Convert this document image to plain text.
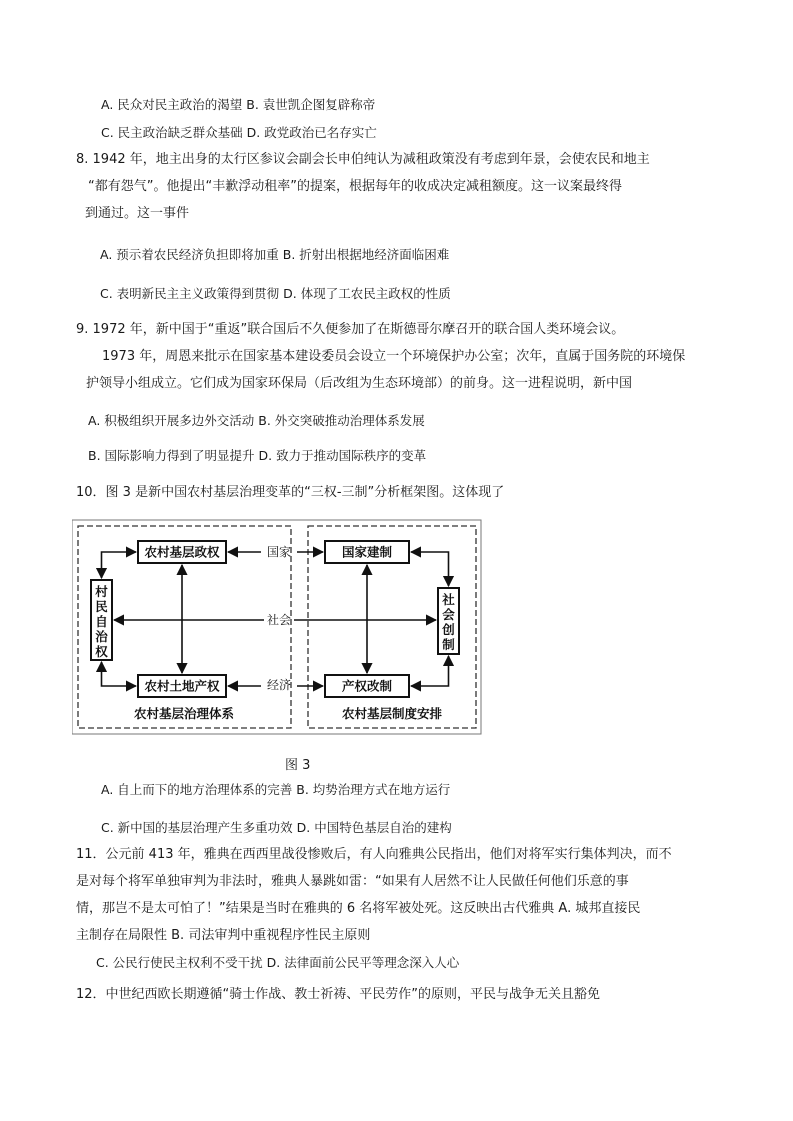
A. 民众对民主政治的渴望 B. 袁世凯企图复辟称帝
C. 民主政治缺乏群众基础 D. 政党政治已名存实亡
8. 1942 年，地主出身的太行区参议会副会长申伯纯认为减租政策没有考虑到年景，会使农民和地主
“都有怨气”。他提出“丰歉浮动租率”的提案，根据每年的收成决定减租额度。这一议案最终得
到通过。这一事件
A. 预示着农民经济负担即将加重 B. 折射出根据地经济面临困难
C. 表明新民主主义政策得到贯彻 D. 体现了工农民主政权的性质
9. 1972 年，新中国于“重返”联合国后不久便参加了在斯德哥尔摩召开的联合国人类环境会议。
1973 年，周恩来批示在国家基本建设委员会设立一个环境保护办公室；次年，直属于国务院的环境保
护领导小组成立。它们成为国家环保局（后改组为生态环境部）的前身。这一进程说明，新中国
A. 积极组织开展多边外交活动 B. 外交突破推动治理体系发展
B. 国际影响力得到了明显提升 D. 致力于推动国际秩序的变革
10．图 3 是新中国农村基层治理变革的“三权-三制”分析框架图。这体现了
农村基层政权
农村土地产权
村
民
自
治
权
国家建制
产权改制
社
会
创
制
国家
社会
经济
农村基层治理体系	农村基层制度安排
图 3
A. 自上而下的地方治理体系的完善 B. 均势治理方式在地方运行
C. 新中国的基层治理产生多重功效 D. 中国特色基层自治的建构
11．公元前 413 年，雅典在西西里战役惨败后，有人向雅典公民指出，他们对将军实行集体判决，而不
是对每个将军单独审判为非法时，雅典人暴跳如雷：“如果有人居然不让人民做任何他们乐意的事
情，那岂不是太可怕了！”结果是当时在雅典的 6 名将军被处死。这反映出古代雅典 A. 城邦直接民
主制存在局限性 B. 司法审判中重视程序性民主原则
C. 公民行使民主权利不受干扰 D. 法律面前公民平等理念深入人心
12．中世纪西欧长期遵循“骑士作战、教士祈祷、平民劳作”的原则，平民与战争无关且豁免
